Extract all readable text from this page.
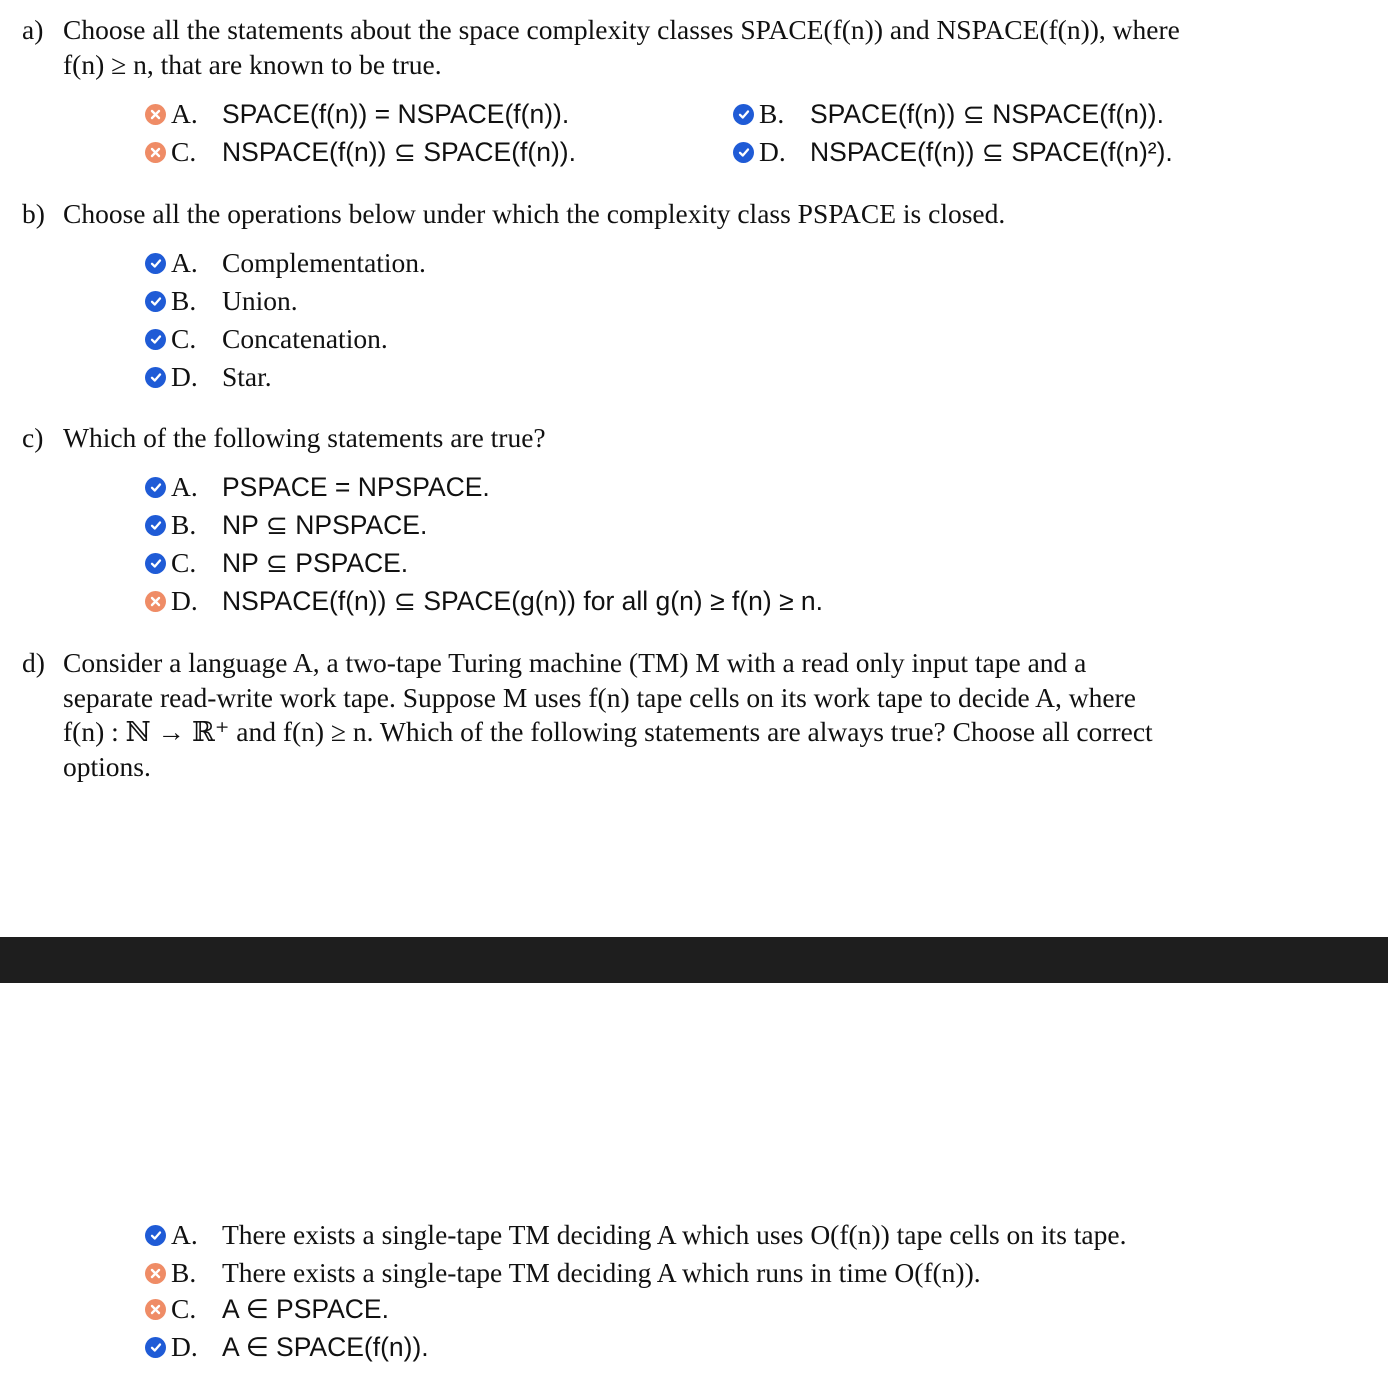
a) Choose all the statements about the space complexity classes SPACE(f(n)) and NSPACE(f(n)), where
f(n) ≥ n, that are known to be true.
A. SPACE(f(n)) = NSPACE(f(n)).	B. SPACE(f(n)) ⊆ NSPACE(f(n)).
C. NSPACE(f(n)) ⊆ SPACE(f(n)).	D. NSPACE(f(n)) ⊆ SPACE(f(n)²).
b) Choose all the operations below under which the complexity class PSPACE is closed.
A. Complementation.
B. Union.
C. Concatenation.
D. Star.
c) Which of the following statements are true?
A. PSPACE = NPSPACE.
B. NP ⊆ NPSPACE.
C. NP ⊆ PSPACE.
D. NSPACE(f(n)) ⊆ SPACE(g(n)) for all g(n) ≥ f(n) ≥ n.
d) Consider a language A, a two-tape Turing machine (TM) M with a read only input tape and a
separate read-write work tape. Suppose M uses f(n) tape cells on its work tape to decide A, where
f(n) : ℕ → ℝ⁺ and f(n) ≥ n. Which of the following statements are always true? Choose all correct
options.
A. There exists a single-tape TM deciding A which uses O(f(n)) tape cells on its tape.
B. There exists a single-tape TM deciding A which runs in time O(f(n)).
C. A ∈ PSPACE.
D. A ∈ SPACE(f(n)).
